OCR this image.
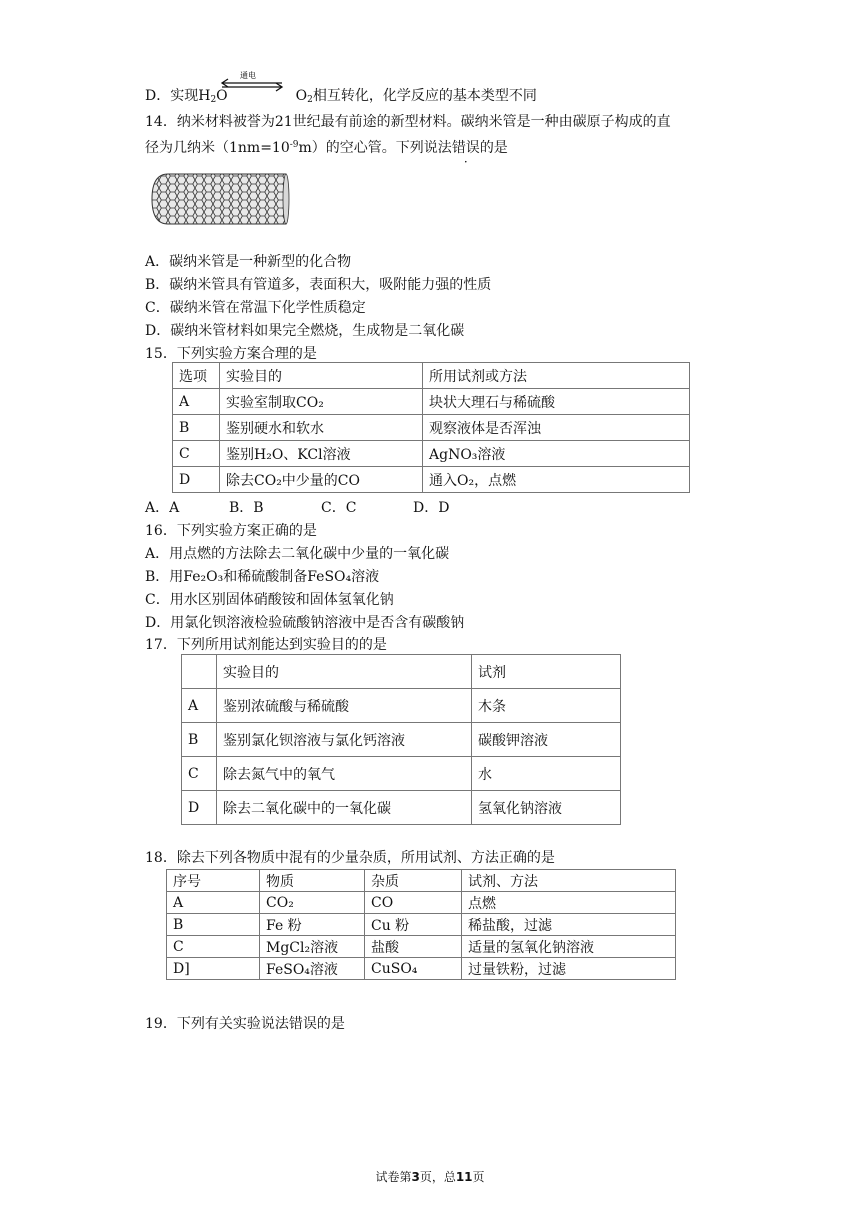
D．实现$H_2O$	$O_2$相互转化，化学反应的基本类型不同
通电
14．纳米材料被誉为21世纪最有前途的新型材料。碳纳米管是一种由碳原子构成的直
径为几纳米$(1nm=10^{-9}m)$的空心管。下列说法错误的是
A．碳纳米管是一种新型的化合物
B．碳纳米管具有管道多，表面积大，吸附能力强的性质
C．碳纳米管在常温下化学性质稳定
D．碳纳米管材料如果完全燃烧，生成物是二氧化碳
15．下列实验方案合理的是
选项	实验目的	所用试剂或方法
A	实验室制取CO₂	块状大理石与稀硫酸
B	鉴别硬水和软水	观察液体是否浑浊
C	鉴别H₂O、KCl溶液	AgNO₃溶液
D	除去CO₂中少量的CO	通入O₂，点燃
A．A	B．B	C．C	D．D
16．下列实验方案正确的是
A．用点燃的方法除去二氧化碳中少量的一氧化碳
B．用Fe₂O₃和稀硫酸制备FeSO₄溶液
C．用水区别固体硝酸铵和固体氢氧化钠
D．用氯化钡溶液检验硫酸钠溶液中是否含有碳酸钠
17．下列所用试剂能达到实验目的的是
	实验目的	试剂
A	鉴别浓硫酸与稀硫酸	木条
B	鉴别氯化钡溶液与氯化钙溶液	碳酸钾溶液
C	除去氮气中的氧气	水
D	除去二氧化碳中的一氧化碳	氢氧化钠溶液
18．除去下列各物质中混有的少量杂质，所用试剂、方法正确的是
序号	物质	杂质	试剂、方法
A	CO₂	CO	点燃
B	Fe 粉	Cu 粉	稀盐酸，过滤
C	MgCl₂溶液	盐酸	适量的氢氧化钠溶液
D]	FeSO₄溶液	CuSO₄	过量铁粉，过滤
19．下列有关实验说法错误的是
试卷第3页，总11页
